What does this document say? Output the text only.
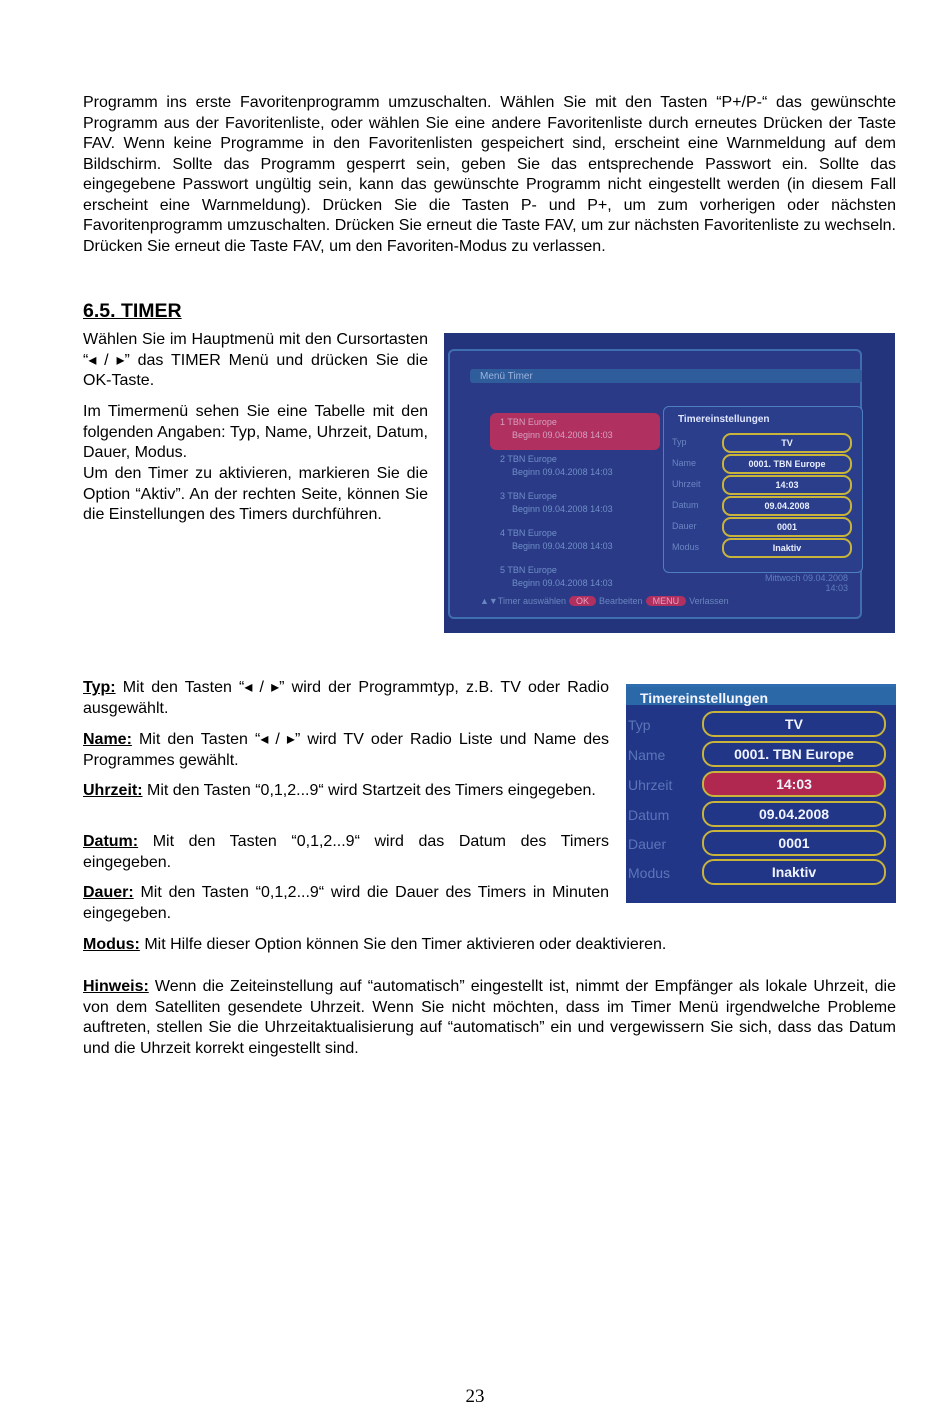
Programm ins erste Favoritenprogramm umzuschalten. Wählen Sie mit den Tasten “P+/P-“ das gewünschte Programm aus der Favoritenliste, oder wählen Sie eine andere Favoritenliste durch erneutes Drücken der Taste FAV. Wenn keine Programme in den Favoritenlisten gespeichert sind, erscheint eine Warnmeldung auf dem Bildschirm. Sollte das Programm gesperrt sein, geben Sie das entsprechende Passwort ein. Sollte das eingegebene Passwort ungültig sein, kann das gewünschte Programm nicht eingestellt werden (in diesem Fall erscheint eine Warnmeldung). Drücken Sie die Tasten P- und P+, um zum vorherigen oder nächsten Favoritenprogramm umzuschalten. Drücken Sie erneut die Taste FAV, um zur nächsten Favoritenliste zu wechseln. Drücken Sie erneut die Taste FAV, um den Favoriten-Modus zu verlassen.

6.5. TIMER

Wählen Sie im Hauptmenü mit den Cursortasten “◂ / ▸” das TIMER Menü und drücken Sie die OK-Taste.

Im Timermenü sehen Sie eine Tabelle mit den folgenden Angaben: Typ, Name, Uhrzeit, Datum, Dauer, Modus.

Um den Timer zu aktivieren, markieren Sie die Option “Aktiv”. An der rechten Seite, können Sie die Einstellungen des Timers durchführen.

Menü Timer
1 TBN Europe
Beginn 09.04.2008 14:03
2 TBN Europe
Beginn 09.04.2008 14:03
3 TBN Europe
Beginn 09.04.2008 14:03
4 TBN Europe
Beginn 09.04.2008 14:03
5 TBN Europe
Beginn 09.04.2008 14:03
Timereinstellungen
Typ	TV
Name	0001. TBN Europe
Uhrzeit	14:03
Datum	09.04.2008
Dauer	0001
Modus	Inaktiv
Mittwoch 09.04.2008
14:03
▲▼Timer auswählen OK Bearbeiten MENU Verlassen

Typ: Mit den Tasten “◂ / ▸” wird der Programmtyp, z.B. TV oder Radio ausgewählt.

Name: Mit den Tasten “◂ / ▸” wird TV oder Radio Liste und Name des Programmes gewählt.

Uhrzeit: Mit den Tasten “0,1,2...9“ wird Startzeit des Timers eingegeben.

Datum: Mit den Tasten “0,1,2...9“ wird das Datum des Timers eingegeben.

Dauer: Mit den Tasten “0,1,2...9“ wird die Dauer des Timers in Minuten eingegeben.

Modus: Mit Hilfe dieser Option können Sie den Timer aktivieren oder deaktivieren.

Timereinstellungen
Typ	TV
Name	0001. TBN Europe
Uhrzeit	14:03
Datum	09.04.2008
Dauer	0001
Modus	Inaktiv

Hinweis: Wenn die Zeiteinstellung auf “automatisch” eingestellt ist, nimmt der Empfänger als lokale Uhrzeit, die von dem Satelliten gesendete Uhrzeit. Wenn Sie nicht möchten, dass im Timer Menü irgendwelche Probleme auftreten, stellen Sie die Uhrzeitaktualisierung auf “automatisch” ein und vergewissern Sie sich, dass das Datum und die Uhrzeit korrekt eingestellt sind.

23
